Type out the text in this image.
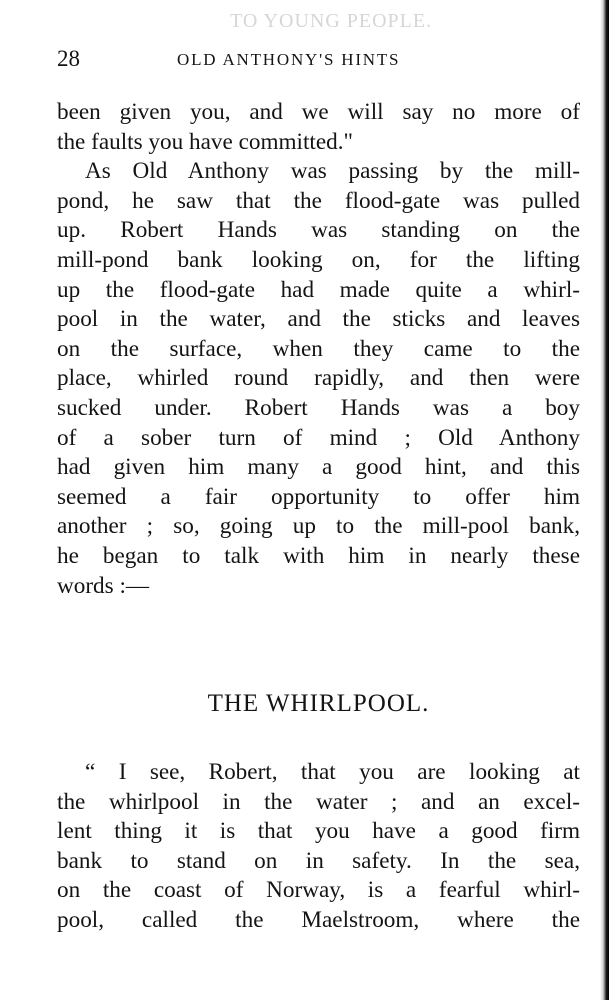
TO YOUNG PEOPLE.
28	OLD ANTHONY'S HINTS
been given you, and we will say no more of
the faults you have committed."
As Old Anthony was passing by the mill-
pond, he saw that the flood-gate was pulled
up. Robert Hands was standing on the
mill-pond bank looking on, for the lifting
up the flood-gate had made quite a whirl-
pool in the water, and the sticks and leaves
on the surface, when they came to the
place, whirled round rapidly, and then were
sucked under. Robert Hands was a boy
of a sober turn of mind ; Old Anthony
had given him many a good hint, and this
seemed a fair opportunity to offer him
another ; so, going up to the mill-pool bank,
he began to talk with him in nearly these
words :—
THE WHIRLPOOL.
“ I see, Robert, that you are looking at
the whirlpool in the water ; and an excel-
lent thing it is that you have a good firm
bank to stand on in safety. In the sea,
on the coast of Norway, is a fearful whirl-
pool, called the Maelstroom, where the
